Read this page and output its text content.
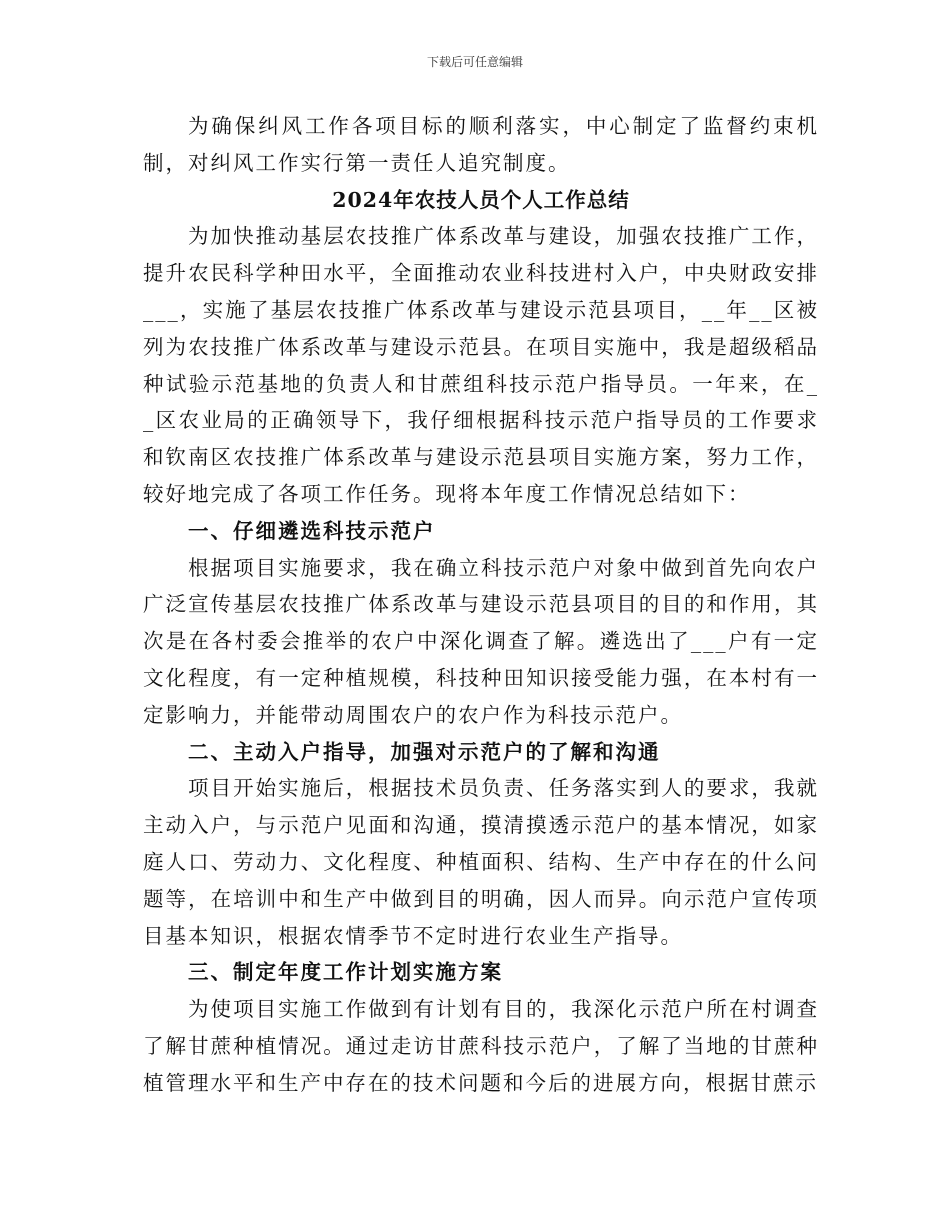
下载后可任意编辑

为确保纠风工作各项目标的顺利落实，中心制定了监督约束机制，对纠风工作实行第一责任人追究制度。

2024年农技人员个人工作总结

为加快推动基层农技推广体系改革与建设，加强农技推广工作，提升农民科学种田水平，全面推动农业科技进村入户，中央财政安排___，实施了基层农技推广体系改革与建设示范县项目，__年__区被列为农技推广体系改革与建设示范县。在项目实施中，我是超级稻品种试验示范基地的负责人和甘蔗组科技示范户指导员。一年来，在__区农业局的正确领导下，我仔细根据科技示范户指导员的工作要求和钦南区农技推广体系改革与建设示范县项目实施方案，努力工作，较好地完成了各项工作任务。现将本年度工作情况总结如下：

一、仔细遴选科技示范户

根据项目实施要求，我在确立科技示范户对象中做到首先向农户广泛宣传基层农技推广体系改革与建设示范县项目的目的和作用，其次是在各村委会推举的农户中深化调查了解。遴选出了___户有一定文化程度，有一定种植规模，科技种田知识接受能力强，在本村有一定影响力，并能带动周围农户的农户作为科技示范户。

二、主动入户指导，加强对示范户的了解和沟通

项目开始实施后，根据技术员负责、任务落实到人的要求，我就主动入户，与示范户见面和沟通，摸清摸透示范户的基本情况，如家庭人口、劳动力、文化程度、种植面积、结构、生产中存在的什么问题等，在培训中和生产中做到目的明确，因人而异。向示范户宣传项目基本知识，根据农情季节不定时进行农业生产指导。

三、制定年度工作计划实施方案

为使项目实施工作做到有计划有目的，我深化示范户所在村调查了解甘蔗种植情况。通过走访甘蔗科技示范户，了解了当地的甘蔗种植管理水平和生产中存在的技术问题和今后的进展方向，根据甘蔗示
